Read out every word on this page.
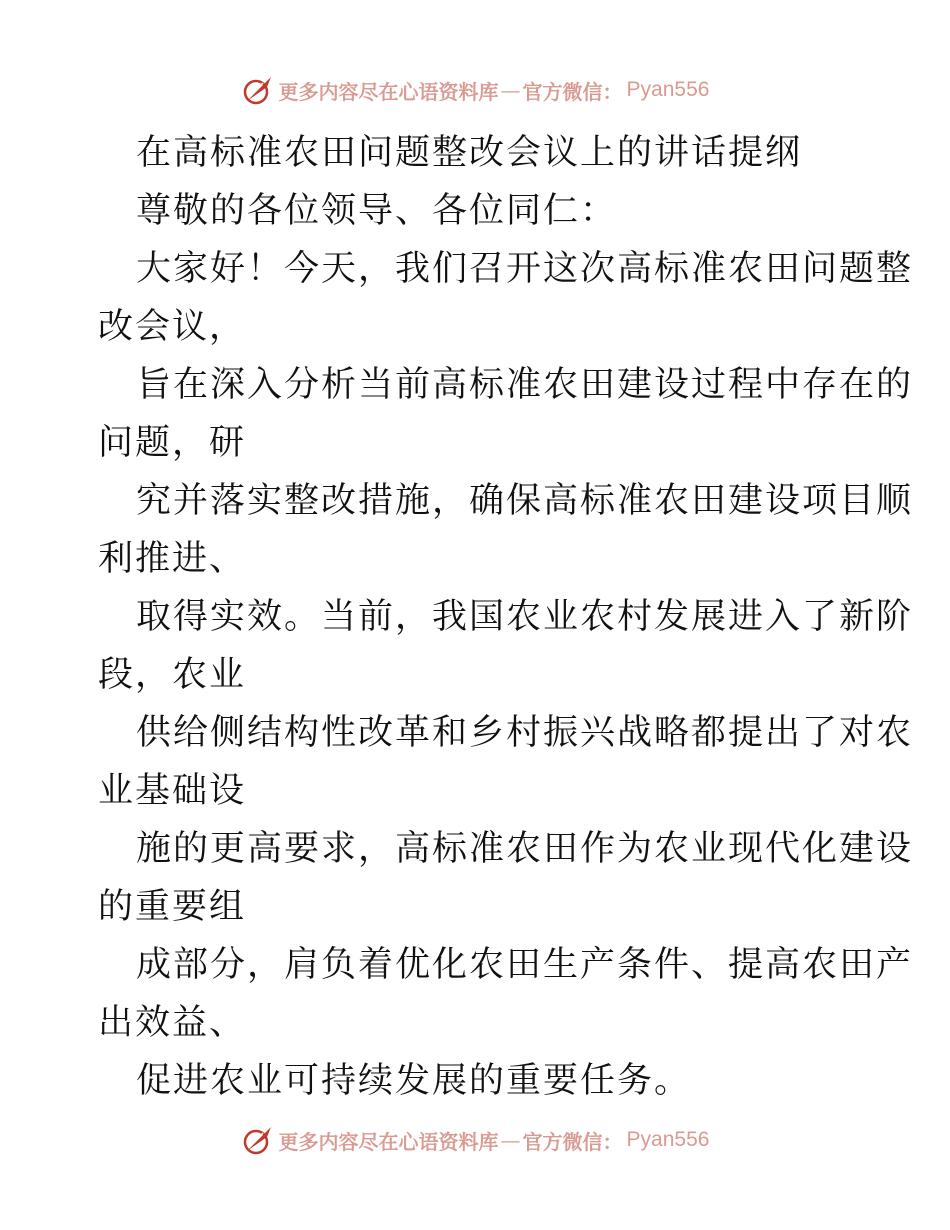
更多内容尽在心语资料库 — 官方微信： Pyan556
在高标准农田问题整改会议上的讲话提纲
尊敬的各位领导、各位同仁：
大家好！今天，我们召开这次高标准农田问题整
改会议，
旨在深入分析当前高标准农田建设过程中存在的
问题，研
究并落实整改措施，确保高标准农田建设项目顺
利推进、
取得实效。当前，我国农业农村发展进入了新阶
段，农业
供给侧结构性改革和乡村振兴战略都提出了对农
业基础设
施的更高要求，高标准农田作为农业现代化建设
的重要组
成部分，肩负着优化农田生产条件、提高农田产
出效益、
促进农业可持续发展的重要任务。
更多内容尽在心语资料库 — 官方微信： Pyan556
